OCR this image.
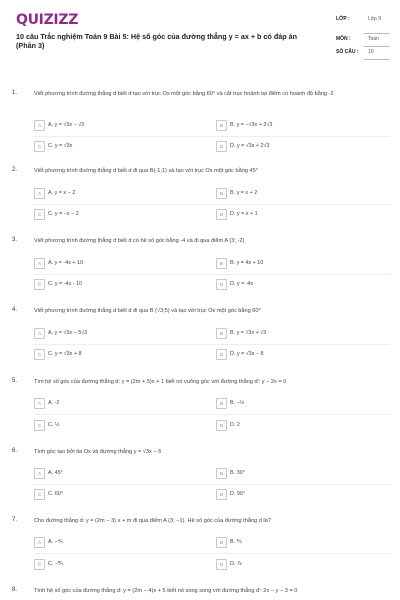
QUIZIZZ
10 câu Trắc nghiệm Toán 9 Bài 5: Hệ số góc của đường thẳng y = ax + b có đáp án (Phần 3)
LỚP :	Lớp 9
MÔN :	Toán
SỐ CÂU : 10
1.	Viết phương trình đường thẳng d biết d tạo với trục Ox một góc bằng 60° và cắt trục hoành tại điểm có hoành độ bằng -2
A	A. y = √3x − √3	B	B. y = −√3x + 2√3
C	C. y = √3x	D	D. y = √3x + 2√3
2.	Viết phương trình đường thẳng d biết d đi qua B(-1;1) và tạo với trục Ox một góc bằng 45°
A	A. y = x − 2	B	B. y = x + 2
C	C. y = −x − 2	D	D. y = x + 1
3.	Viết phương trình đường thẳng d biết d có hệ số góc bằng -4 và đi qua điểm A (3; -2)
A	A. y = -4x + 10	B	B. y = 4x + 10
C	C. y = -4x - 10	D	D. y = -4x
4.	Viết phương trình đường thẳng d biết d đi qua B (√3;5) và tạo với trục Ox một góc bằng 60°
A	A. y = √3x − 5√3	B	B. y = √3x + √3
C	C. y = √3x + 8	D	D. y = √3x − 8
5.	Tìm hệ số góc của đường thẳng d: y = (2m + 5)x + 1 biết nó vuông góc với đường thẳng d': y − 2x = 0
A	A. -2	B	B. −½
C	C. ½	D	D. 2
6.	Tính góc tạo bởi tia Ox và đường thẳng y = √3x − 6
A	A. 45°	B	B. 30°
C	C. 60°	D	D. 90°
7.	Cho đường thẳng d: y = (2m − 3) x + m đi qua điểm A (3; −1). Hệ số góc của đường thẳng d là?
A	A. −⅘	B	B. ⅖
C	C. −⅗	D	D. ⅞
8.	Tính hệ số góc của đường thẳng d: y = (2m − 4)x + 5 biết nó song song với đường thẳng d': 2x − y − 3 = 0
